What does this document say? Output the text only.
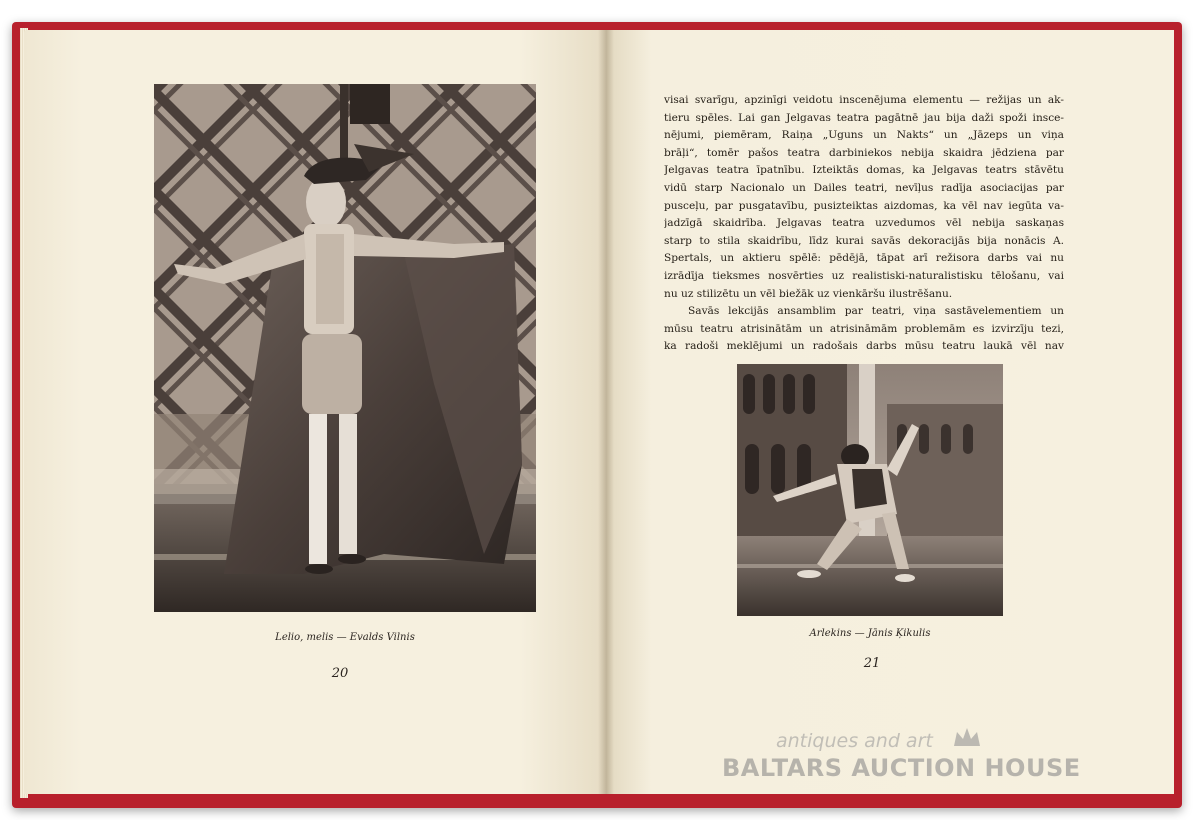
Lelio, melis — Evalds Vilnis
20
visai svarīgu, apzinīgi veidotu inscenējuma elementu — režijas un ak-
tieru spēles. Lai gan Jelgavas teatra pagātnē jau bija daži spoži insce-
nējumi, piemēram, Raiņa „Uguns un Nakts“ un „Jāzeps un viņa
brāļi“, tomēr pašos teatra darbiniekos nebija skaidra jēdziena par
Jelgavas teatra īpatnību. Izteiktās domas, ka Jelgavas teatrs stāvētu
vidū starp Nacionalo un Dailes teatri, nevīļus radīja asociacijas par
pusceļu, par pusgatavību, pusizteiktas aizdomas, ka vēl nav iegūta va-
jadzīgā skaidrība. Jelgavas teatra uzvedumos vēl nebija saskaņas
starp to stila skaidrību, līdz kurai savās dekoracijās bija nonācis A.
Spertals, un aktieru spēlē: pēdējā, tāpat arī režisora darbs vai nu
izrādīja tieksmes nosvērties uz realistiski-naturalistisku tēlošanu, vai
nu uz stilizētu un vēl biežāk uz vienkāršu ilustrēšanu.
Savās lekcijās ansamblim par teatri, viņa sastāvelementiem un
mūsu teatru atrisinātām un atrisināmām problemām es izvirzīju tezi,
ka radoši meklējumi un radošais darbs mūsu teatru laukā vēl nav
Arlekins — Jānis Ķikulis
21
antiques and art
BALTARS AUCTION HOUSE
